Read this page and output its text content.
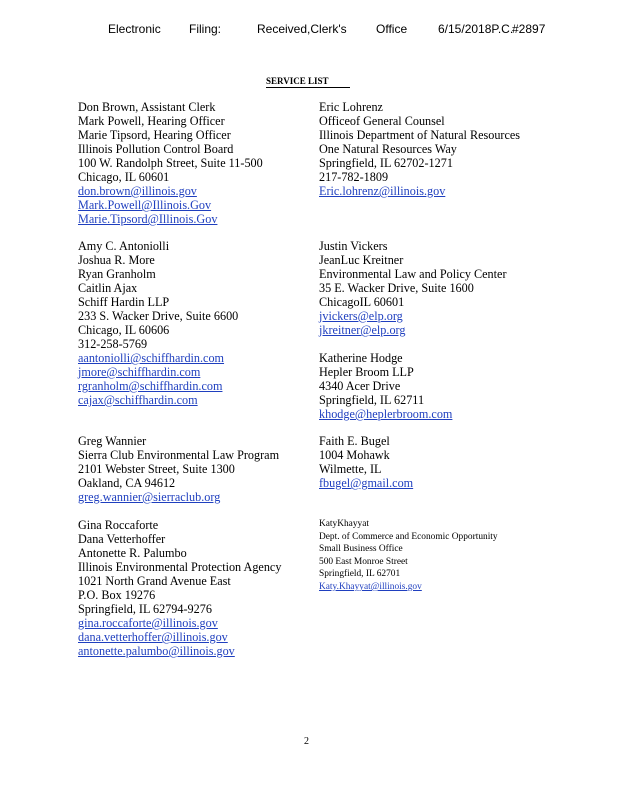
Electronic Filing:	Received,Clerk's Office	6/15/2018P.C.
#2897
SERVICE LIST
Don Brown, Assistant Clerk
Mark Powell, Hearing Officer
Marie Tipsord, Hearing Officer
Illinois Pollution Control Board
100 W. Randolph Street, Suite 11-500
Chicago, IL 60601
don.brown@illinois.gov
Mark.Powell@Illinois.Gov
Marie.Tipsord@Illinois.Gov
Eric Lohrenz
Officeof General Counsel
Illinois Department of Natural Resources
One Natural Resources Way
Springfield, IL 62702-1271
217-782-1809
Eric.lohrenz@illinois.gov
Amy C. Antoniolli
Joshua R. More
Ryan Granholm
Caitlin Ajax
Schiff Hardin LLP
233 S. Wacker Drive, Suite 6600
Chicago, IL 60606
312-258-5769
aantoniolli@schiffhardin.com
jmore@schiffhardin.com
rgranholm@schiffhardin.com
cajax@schiffhardin.com
Justin Vickers
JeanLuc Kreitner
Environmental Law and Policy Center
35 E. Wacker Drive, Suite 1600
ChicagoIL 60601
jvickers@elp.org
jkreitner@elp.org
Katherine Hodge
Hepler Broom LLP
4340 Acer Drive
Springfield, IL 62711
khodge@heplerbroom.com
Greg Wannier
Sierra Club Environmental Law Program
2101 Webster Street, Suite 1300
Oakland, CA 94612
greg.wannier@sierraclub.org
Faith E. Bugel
1004 Mohawk
Wilmette, IL
fbugel@gmail.com
Gina Roccaforte
Dana Vetterhoffer
Antonette R. Palumbo
Illinois Environmental Protection Agency
1021 North Grand Avenue East
P.O. Box 19276
Springfield, IL 62794-9276
gina.roccaforte@illinois.gov
dana.vetterhoffer@illinois.gov
antonette.palumbo@illinois.gov
KatyKhayyat
Dept. of Commerce and Economic Opportunity
Small Business Office
500 East Monroe Street
Springfield, IL 62701
Katy.Khayyat@illinois.gov
2
